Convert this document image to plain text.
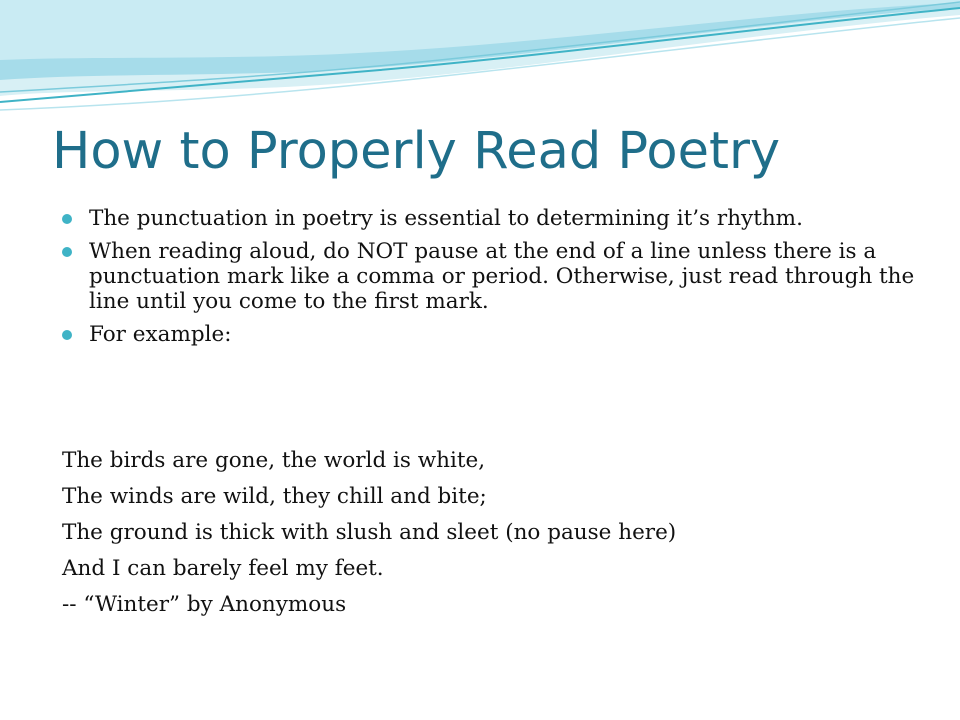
How to Properly Read Poetry
The punctuation in poetry is essential to determining it’s rhythm.
When reading aloud, do NOT pause at the end of a line unless there is a punctuation mark like a comma or period. Otherwise, just read through the line until you come to the first mark.
For example:
The birds are gone, the world is white,
The winds are wild, they chill and bite;
The ground is thick with slush and sleet (no pause here)
And I can barely feel my feet.
-- “Winter” by Anonymous
